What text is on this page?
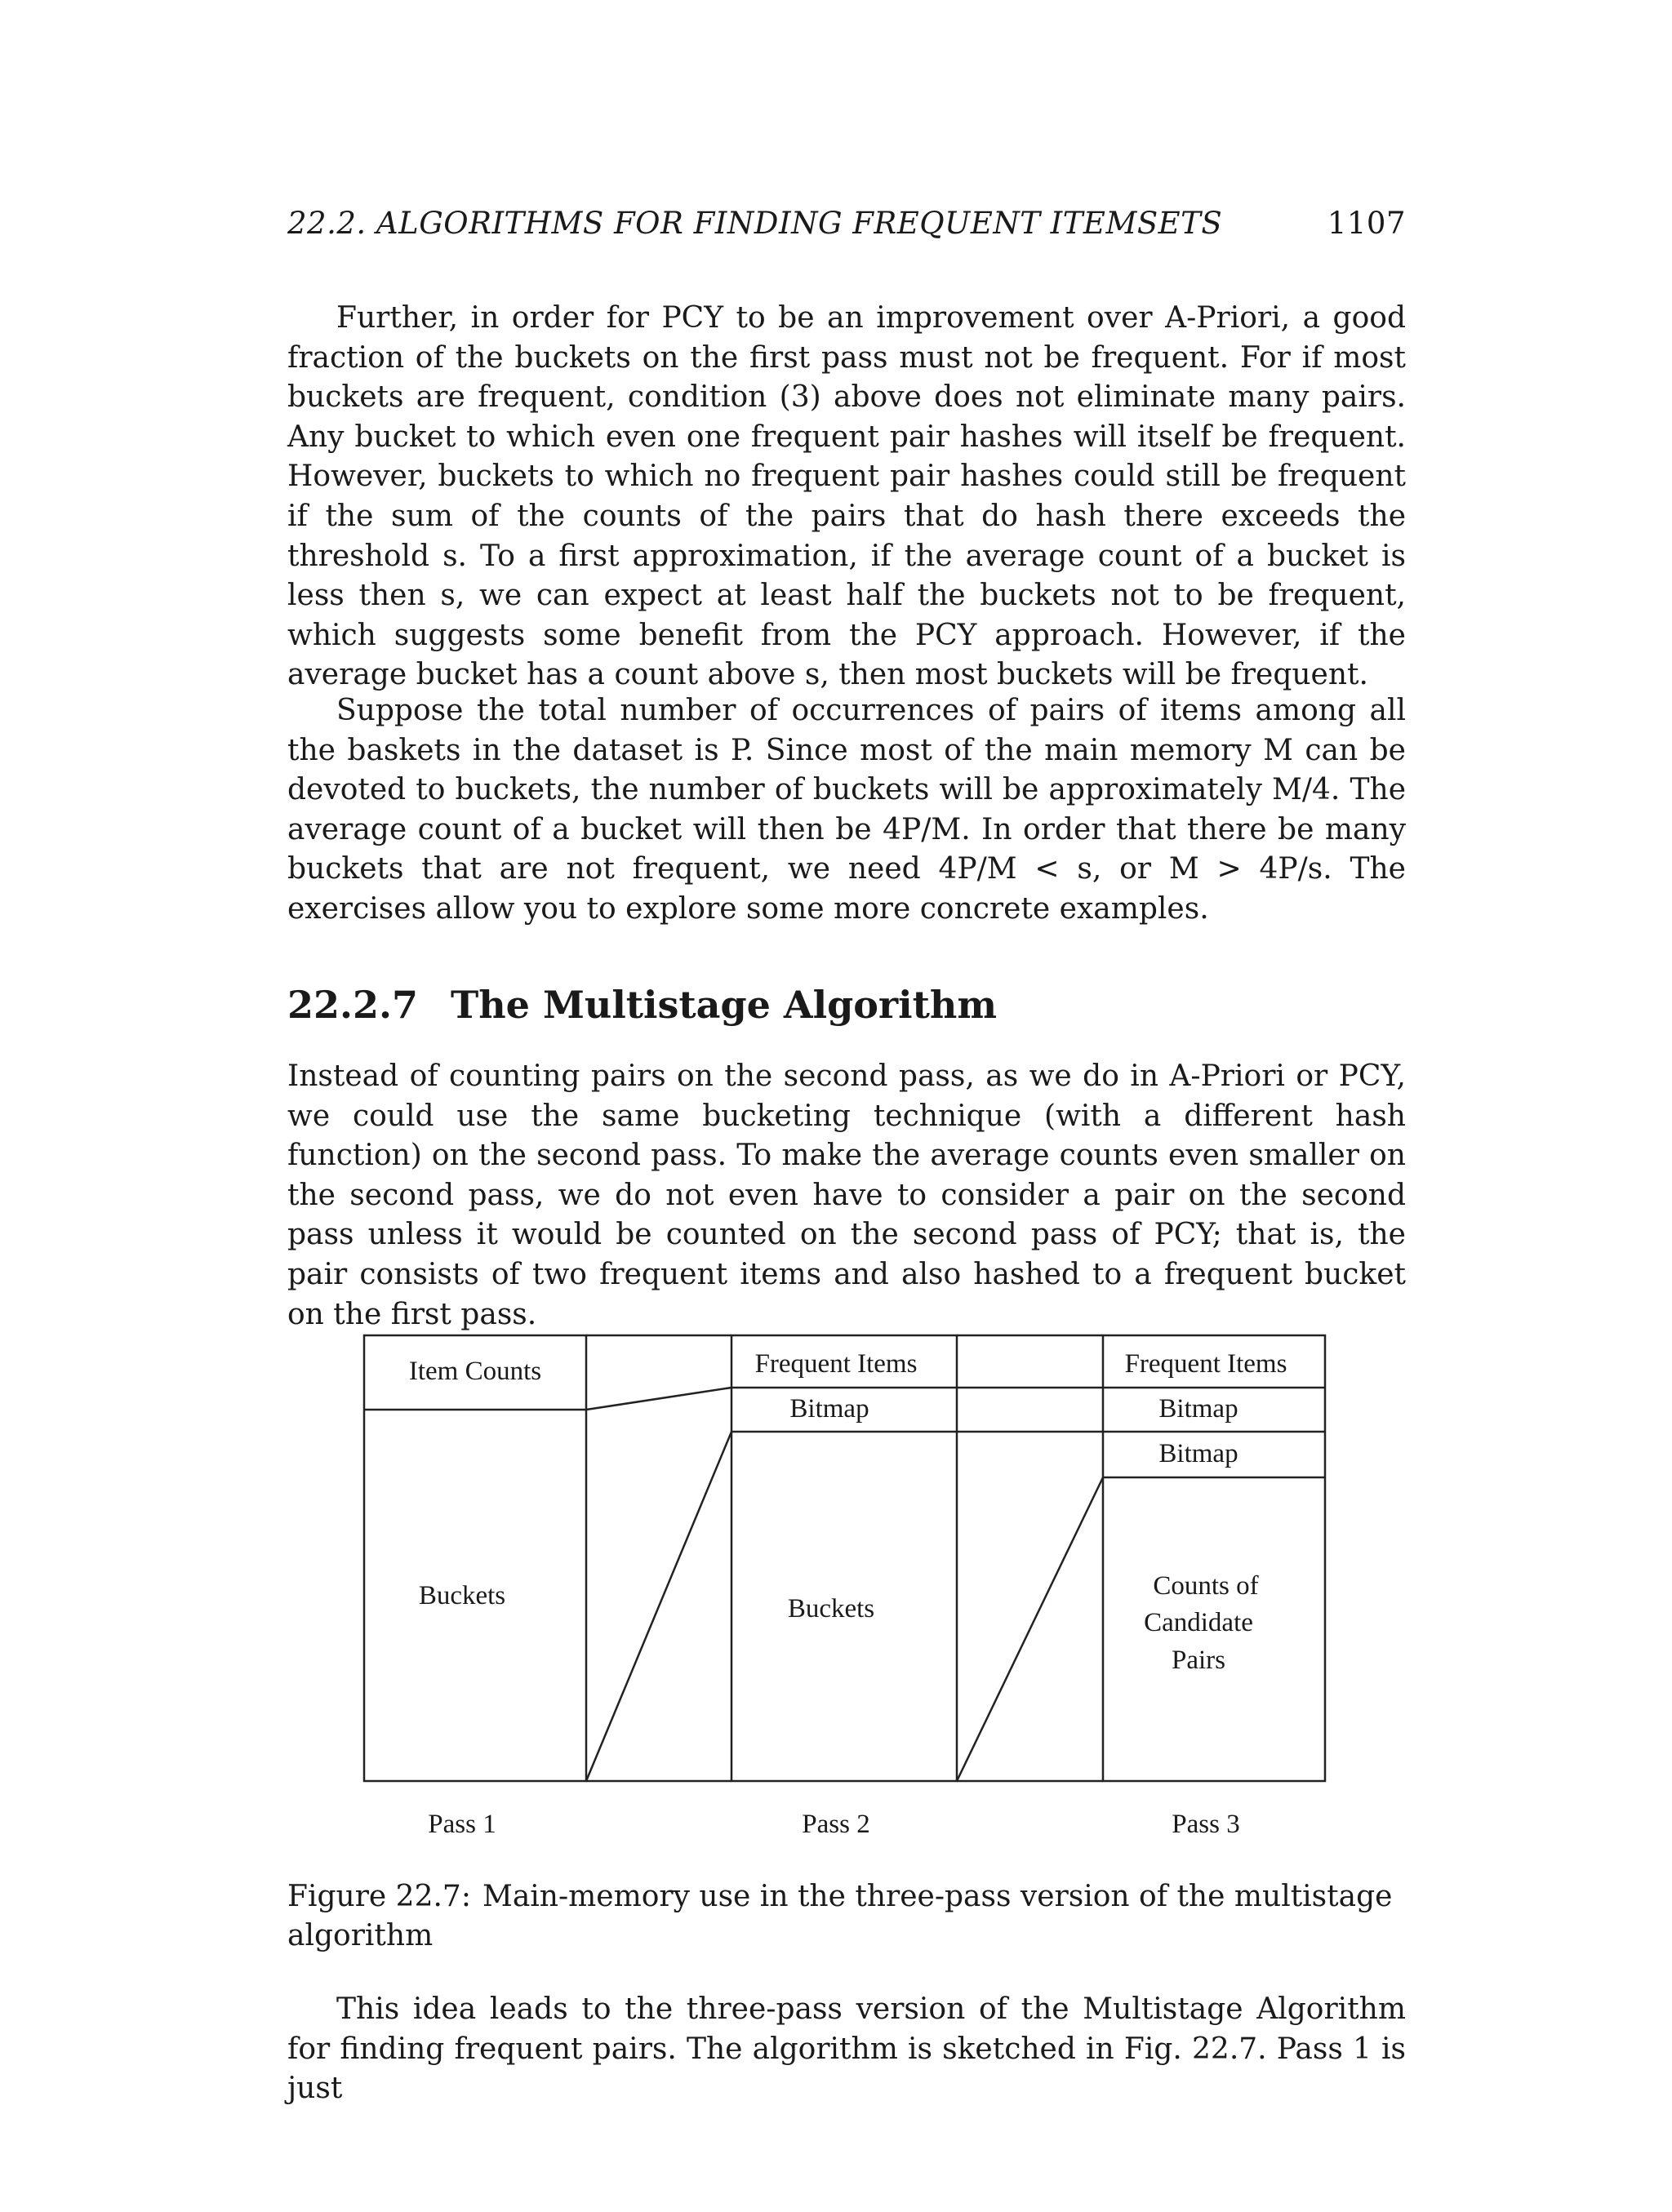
22.2. ALGORITHMS FOR FINDING FREQUENT ITEMSETS	1107

Further, in order for PCY to be an improvement over A-Priori, a good fraction of the buckets on the first pass must not be frequent. For if most buckets are frequent, condition (3) above does not eliminate many pairs. Any bucket to which even one frequent pair hashes will itself be frequent. However, buckets to which no frequent pair hashes could still be frequent if the sum of the counts of the pairs that do hash there exceeds the threshold s. To a first approximation, if the average count of a bucket is less then s, we can expect at least half the buckets not to be frequent, which suggests some benefit from the PCY approach. However, if the average bucket has a count above s, then most buckets will be frequent.

Suppose the total number of occurrences of pairs of items among all the baskets in the dataset is P. Since most of the main memory M can be devoted to buckets, the number of buckets will be approximately M/4. The average count of a bucket will then be 4P/M. In order that there be many buckets that are not frequent, we need 4P/M < s, or M > 4P/s. The exercises allow you to explore some more concrete examples.

22.2.7 The Multistage Algorithm

Instead of counting pairs on the second pass, as we do in A-Priori or PCY, we could use the same bucketing technique (with a different hash function) on the second pass. To make the average counts even smaller on the second pass, we do not even have to consider a pair on the second pass unless it would be counted on the second pass of PCY; that is, the pair consists of two frequent items and also hashed to a frequent bucket on the first pass.

Item Counts
Buckets
Pass 1
Frequent Items
Bitmap
Buckets
Pass 2
Frequent Items
Bitmap
Bitmap
Counts of
Candidate
Pairs
Pass 3

Figure 22.7: Main-memory use in the three-pass version of the multistage algorithm

This idea leads to the three-pass version of the Multistage Algorithm for finding frequent pairs. The algorithm is sketched in Fig. 22.7. Pass 1 is just
